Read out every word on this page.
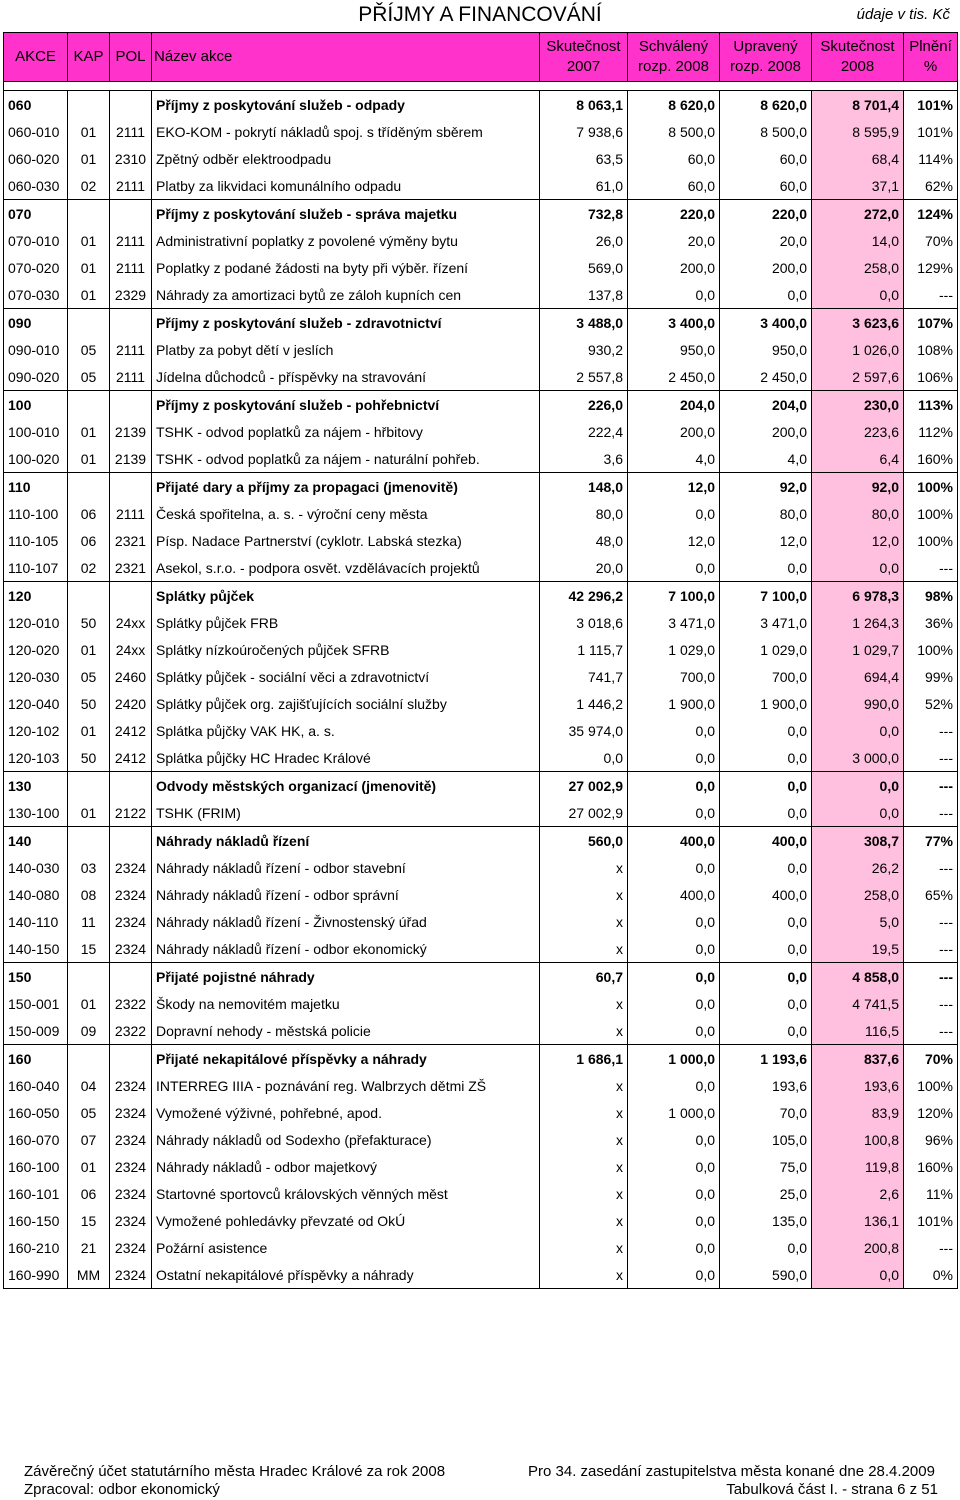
PŘÍJMY A FINANCOVÁNÍ	údaje v tis. Kč
AKCE	KAP	POL	Název akce	Skutečnost 2007	Schválený rozp. 2008	Upravený rozp. 2008	Skutečnost 2008	Plnění %

060			Příjmy z poskytování služeb - odpady	8 063,1	8 620,0	8 620,0	8 701,4	101%
060-010	01	2111	EKO-KOM - pokrytí nákladů spoj. s tříděným sběrem	7 938,6	8 500,0	8 500,0	8 595,9	101%
060-020	01	2310	Zpětný odběr elektroodpadu	63,5	60,0	60,0	68,4	114%
060-030	02	2111	Platby za likvidaci komunálního odpadu	61,0	60,0	60,0	37,1	62%
070			Příjmy z poskytování služeb - správa majetku	732,8	220,0	220,0	272,0	124%
070-010	01	2111	Administrativní poplatky z povolené výměny bytu	26,0	20,0	20,0	14,0	70%
070-020	01	2111	Poplatky z podané žádosti na byty při výběr. řízení	569,0	200,0	200,0	258,0	129%
070-030	01	2329	Náhrady za amortizaci bytů ze záloh kupních cen	137,8	0,0	0,0	0,0	---
090			Příjmy z poskytování služeb - zdravotnictví	3 488,0	3 400,0	3 400,0	3 623,6	107%
090-010	05	2111	Platby za pobyt dětí v jeslích	930,2	950,0	950,0	1 026,0	108%
090-020	05	2111	Jídelna důchodců - příspěvky na stravování	2 557,8	2 450,0	2 450,0	2 597,6	106%
100			Příjmy z poskytování služeb - pohřebnictví	226,0	204,0	204,0	230,0	113%
100-010	01	2139	TSHK - odvod poplatků za nájem - hřbitovy	222,4	200,0	200,0	223,6	112%
100-020	01	2139	TSHK - odvod poplatků za nájem - naturální pohřeb.	3,6	4,0	4,0	6,4	160%
110			Přijaté dary a příjmy za propagaci (jmenovitě)	148,0	12,0	92,0	92,0	100%
110-100	06	2111	Česká spořitelna, a. s. - výroční ceny města	80,0	0,0	80,0	80,0	100%
110-105	06	2321	Písp. Nadace Partnerství (cyklotr. Labská stezka)	48,0	12,0	12,0	12,0	100%
110-107	02	2321	Asekol, s.r.o. - podpora osvět. vzdělávacích projektů	20,0	0,0	0,0	0,0	---
120			Splátky půjček	42 296,2	7 100,0	7 100,0	6 978,3	98%
120-010	50	24xx	Splátky půjček FRB	3 018,6	3 471,0	3 471,0	1 264,3	36%
120-020	01	24xx	Splátky nízkoúročených půjček SFRB	1 115,7	1 029,0	1 029,0	1 029,7	100%
120-030	05	2460	Splátky půjček - sociální věci a zdravotnictví	741,7	700,0	700,0	694,4	99%
120-040	50	2420	Splátky půjček org. zajišťujících sociální služby	1 446,2	1 900,0	1 900,0	990,0	52%
120-102	01	2412	Splátka půjčky VAK HK, a. s.	35 974,0	0,0	0,0	0,0	---
120-103	50	2412	Splátka půjčky HC Hradec Králové	0,0	0,0	0,0	3 000,0	---
130			Odvody městských organizací (jmenovitě)	27 002,9	0,0	0,0	0,0	---
130-100	01	2122	TSHK (FRIM)	27 002,9	0,0	0,0	0,0	---
140			Náhrady nákladů řízení	560,0	400,0	400,0	308,7	77%
140-030	03	2324	Náhrady nákladů řízení - odbor stavební	x	0,0	0,0	26,2	---
140-080	08	2324	Náhrady nákladů řízení - odbor správní	x	400,0	400,0	258,0	65%
140-110	11	2324	Náhrady nákladů řízení - Živnostenský úřad	x	0,0	0,0	5,0	---
140-150	15	2324	Náhrady nákladů řízení - odbor ekonomický	x	0,0	0,0	19,5	---
150			Přijaté pojistné náhrady	60,7	0,0	0,0	4 858,0	---
150-001	01	2322	Škody na nemovitém majetku	x	0,0	0,0	4 741,5	---
150-009	09	2322	Dopravní nehody - městská policie	x	0,0	0,0	116,5	---
160			Přijaté nekapitálové příspěvky a náhrady	1 686,1	1 000,0	1 193,6	837,6	70%
160-040	04	2324	INTERREG IIIA - poznávání reg. Walbrzych dětmi ZŠ	x	0,0	193,6	193,6	100%
160-050	05	2324	Vymožené výživné, pohřebné, apod.	x	1 000,0	70,0	83,9	120%
160-070	07	2324	Náhrady nákladů od Sodexho (přefakturace)	x	0,0	105,0	100,8	96%
160-100	01	2324	Náhrady nákladů - odbor majetkový	x	0,0	75,0	119,8	160%
160-101	06	2324	Startovné sportovců královských věnných měst	x	0,0	25,0	2,6	11%
160-150	15	2324	Vymožené pohledávky převzaté od OkÚ	x	0,0	135,0	136,1	101%
160-210	21	2324	Požární asistence	x	0,0	0,0	200,8	---
160-990	MM	2324	Ostatní nekapitálové příspěvky a náhrady	x	0,0	590,0	0,0	0%
Závěrečný účet statutárního města Hradec Králové za rok 2008
Zpracoval: odbor ekonomický
Pro 34. zasedání zastupitelstva města konané dne 28.4.2009
Tabulková část I. - strana 6 z 51
